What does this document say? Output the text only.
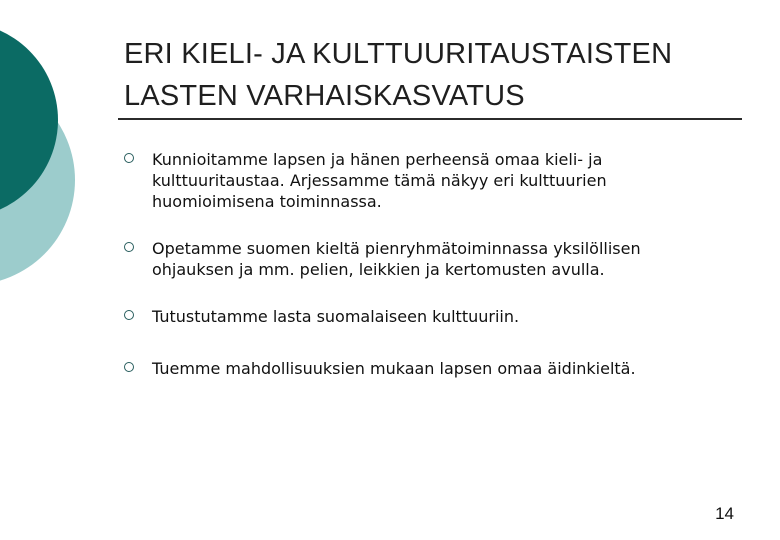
ERI KIELI- JA KULTTUURITAUSTAISTEN
LASTEN VARHAISKASVATUS
Kunnioitamme lapsen ja hänen perheensä omaa kieli- ja
kulttuuritaustaa. Arjessamme tämä näkyy eri kulttuurien
huomioimisena toiminnassa.
Opetamme suomen kieltä pienryhmätoiminnassa yksilöllisen
ohjauksen ja mm. pelien, leikkien ja kertomusten avulla.
Tutustutamme lasta suomalaiseen kulttuuriin.
Tuemme mahdollisuuksien mukaan lapsen omaa äidinkieltä.
14
